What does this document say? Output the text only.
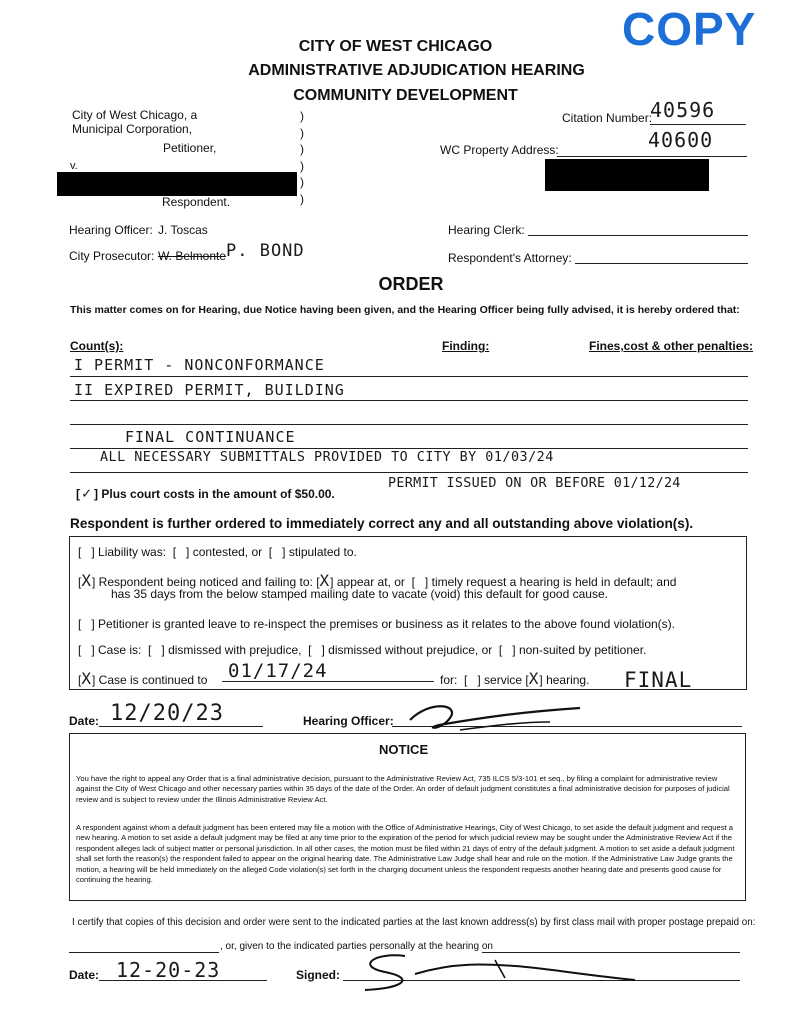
COPY
CITY OF WEST CHICAGO
ADMINISTRATIVE ADJUDICATION HEARING
COMMUNITY DEVELOPMENT
City of West Chicago, a
Municipal Corporation,
Petitioner,
v.
Respondent.
)
)
)
)
)
)
Citation Number:
40596
WC Property Address:	40600
Hearing Officer: J. Toscas
City Prosecutor: W. Belmonte P. BOND
Hearing Clerk:
Respondent's Attorney:
ORDER
This matter comes on for Hearing, due Notice having been given, and the Hearing Officer being fully advised, it is hereby ordered that:
Count(s):	Finding:	Fines,cost & other penalties:
I PERMIT - NONCONFORMANCE
II EXPIRED PERMIT, BUILDING
FINAL CONTINUANCE
ALL NECESSARY SUBMITTALS PROVIDED TO CITY BY 01/03/24
[ ✓ ] Plus court costs in the amount of $50.00.
PERMIT ISSUED ON OR BEFORE 01/12/24
Respondent is further ordered to immediately correct any and all outstanding above violation(s).
[   ] Liability was:  [   ] contested, or  [   ] stipulated to.
[X] Respondent being noticed and failing to: [X] appear at, or  [   ] timely request a hearing is held in default; and
has 35 days from the below stamped mailing date to vacate (void) this default for good cause.
[   ] Petitioner is granted leave to re-inspect the premises or business as it relates to the above found violation(s).
[   ] Case is:  [   ] dismissed with prejudice,  [   ] dismissed without prejudice, or  [   ] non-suited by petitioner.
[X] Case is continued to 01/17/24	for:  [   ] service [X] hearing. FINAL
Date: 12/20/23	Hearing Officer:
NOTICE
You have the right to appeal any Order that is a final administrative decision, pursuant to the Administrative Review Act, 735 ILCS 5/3-101 et seq., by filing a complaint for administrative review against the City of West Chicago and other necessary parties within 35 days of the date of the Order. An order of default judgment constitutes a final administrative decision for purposes of judicial review and is subject to review under the Illinois Administrative Review Act.
A respondent against whom a default judgment has been entered may file a motion with the Office of Administrative Hearings, City of West Chicago, to set aside the default judgment and request a new hearing. A motion to set aside a default judgment may be filed at any time prior to the expiration of the period for which judicial review may be sought under the Administrative Review Act if the respondent alleges lack of subject matter or personal jurisdiction. In all other cases, the motion must be filed within 21 days of entry of the default judgment. A motion to set aside a default judgment shall set forth the reason(s) the respondent failed to appear on the original hearing date. The Administrative Law Judge shall hear and rule on the motion. If the Administrative Law Judge grants the motion, a hearing will be held immediately on the alleged Code violation(s) set forth in the charging document unless the respondent requests another hearing date and presents good cause for continuing the hearing.
I certify that copies of this decision and order were sent to the indicated parties at the last known address(s) by first class mail with proper postage prepaid on:
, or, given to the indicated parties personally at the hearing on
Date: 12-20-23	Signed:
